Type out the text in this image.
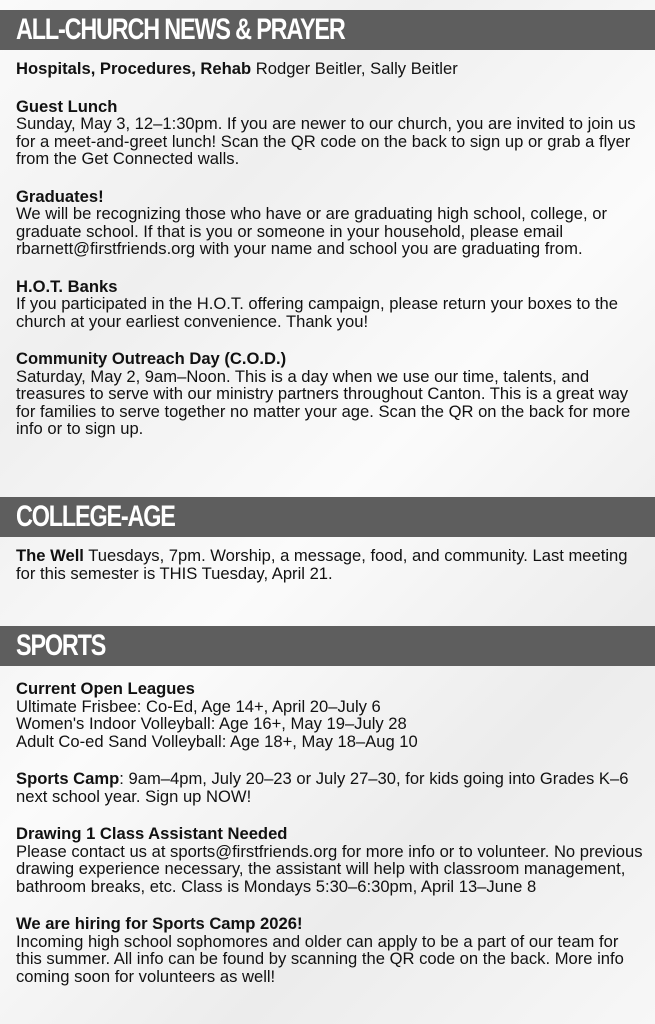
ALL-CHURCH NEWS & PRAYER

Hospitals, Procedures, Rehab Rodger Beitler, Sally Beitler

Guest Lunch

Sunday, May 3, 12–1:30pm. If you are newer to our church, you are invited to join us for a meet-and-greet lunch! Scan the QR code on the back to sign up or grab a flyer from the Get Connected walls.

Graduates!

We will be recognizing those who have or are graduating high school, college, or graduate school. If that is you or someone in your household, please email rbarnett@firstfriends.org with your name and school you are graduating from.

H.O.T. Banks

If you participated in the H.O.T. offering campaign, please return your boxes to the church at your earliest convenience. Thank you!

Community Outreach Day (C.O.D.)

Saturday, May 2, 9am–Noon. This is a day when we use our time, talents, and treasures to serve with our ministry partners throughout Canton. This is a great way for families to serve together no matter your age. Scan the QR on the back for more info or to sign up.

COLLEGE-AGE

The Well Tuesdays, 7pm. Worship, a message, food, and community. Last meeting for this semester is THIS Tuesday, April 21.

SPORTS

Current Open Leagues

Ultimate Frisbee: Co-Ed, Age 14+, April 20–July 6

Women's Indoor Volleyball: Age 16+, May 19–July 28

Adult Co-ed Sand Volleyball: Age 18+, May 18–Aug 10

Sports Camp: 9am–4pm, July 20–23 or July 27–30, for kids going into Grades K–6 next school year. Sign up NOW!

Drawing 1 Class Assistant Needed

Please contact us at sports@firstfriends.org for more info or to volunteer. No previous drawing experience necessary, the assistant will help with classroom management, bathroom breaks, etc. Class is Mondays 5:30–6:30pm, April 13–June 8

We are hiring for Sports Camp 2026!

Incoming high school sophomores and older can apply to be a part of our team for this summer. All info can be found by scanning the QR code on the back. More info coming soon for volunteers as well!
